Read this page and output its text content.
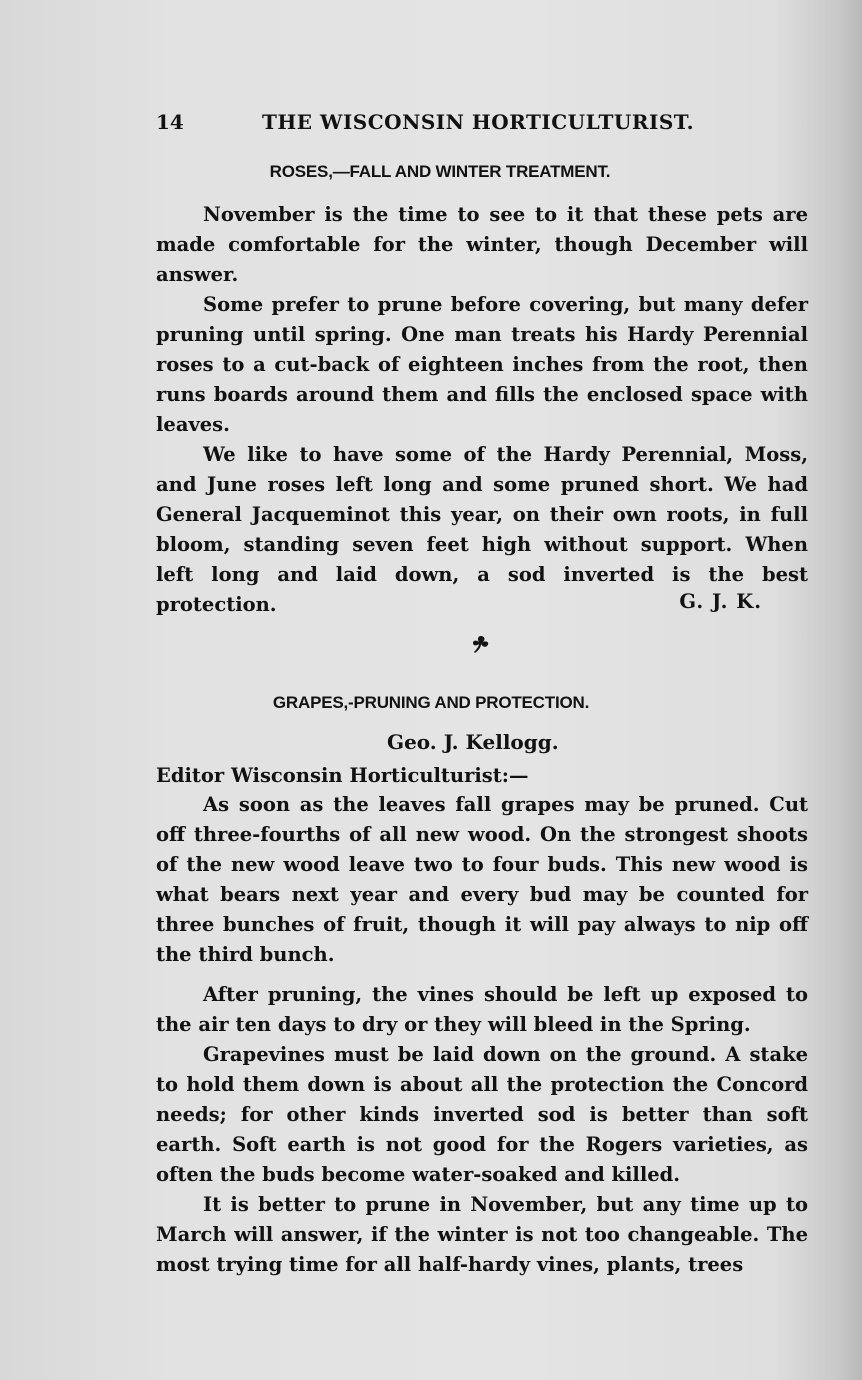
14	THE WISCONSIN HORTICULTURIST.
ROSES,—FALL AND WINTER TREATMENT.

November is the time to see to it that these pets are made comfortable for the winter, though December will answer.

Some prefer to prune before covering, but many defer pruning until spring. One man treats his Hardy Perennial roses to a cut-back of eighteen inches from the root, then runs boards around them and fills the enclosed space with leaves.

We like to have some of the Hardy Perennial, Moss, and June roses left long and some pruned short. We had General Jacqueminot this year, on their own roots, in full bloom, standing seven feet high without support. When left long and laid down, a sod inverted is the best protection.	G. J. K.
GRAPES,-PRUNING AND PROTECTION.
Geo. J. Kellogg.
Editor Wisconsin Horticulturist:—

As soon as the leaves fall grapes may be pruned. Cut off three-fourths of all new wood. On the strongest shoots of the new wood leave two to four buds. This new wood is what bears next year and every bud may be counted for three bunches of fruit, though it will pay always to nip off the third bunch.

After pruning, the vines should be left up exposed to the air ten days to dry or they will bleed in the Spring.

Grapevines must be laid down on the ground. A stake to hold them down is about all the protection the Concord needs; for other kinds inverted sod is better than soft earth. Soft earth is not good for the Rogers varieties, as often the buds become water-soaked and killed.

It is better to prune in November, but any time up to March will answer, if the winter is not too changeable. The most trying time for all half-hardy vines, plants, trees
